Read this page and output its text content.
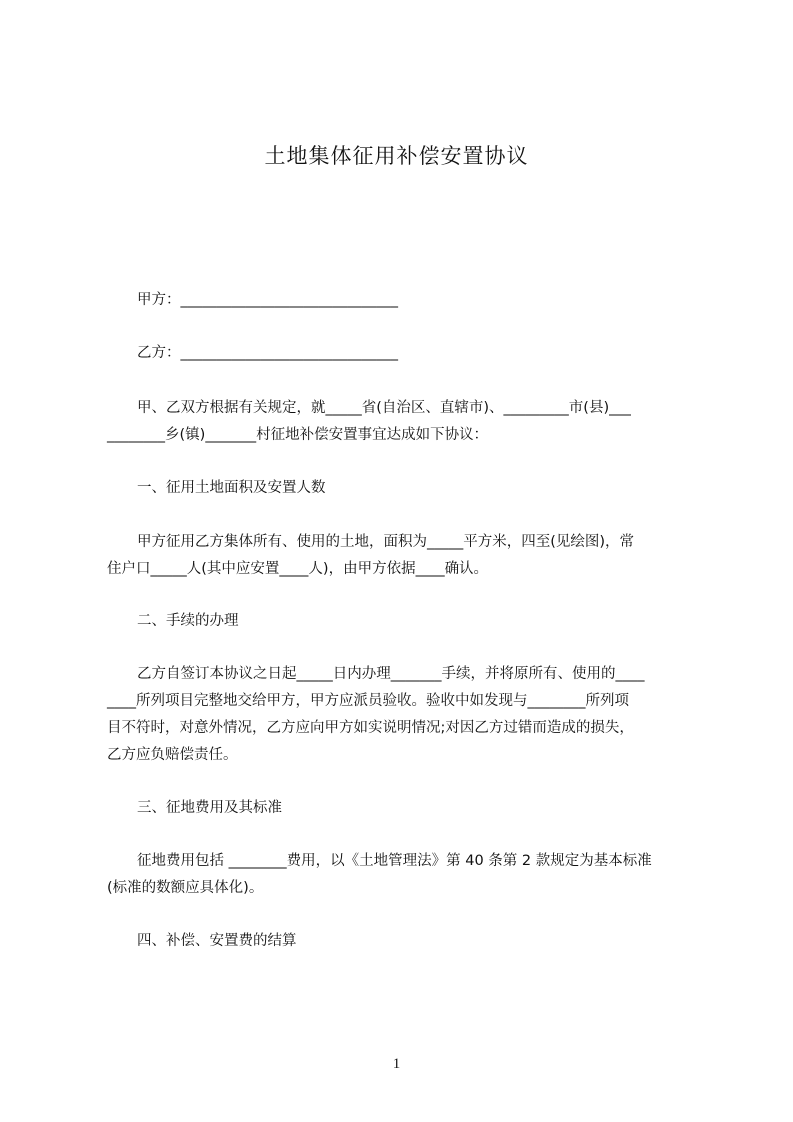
土地集体征用补偿安置协议
甲方：______________________________
乙方：______________________________
甲、乙双方根据有关规定，就_____省(自治区、直辖市)、_________市(县)___
________乡(镇)_______村征地补偿安置事宜达成如下协议：
一、征用土地面积及安置人数
甲方征用乙方集体所有、使用的土地，面积为_____平方米，四至(见绘图)，常
住户口_____人(其中应安置____人)，由甲方依据____确认。
二、手续的办理
乙方自签订本协议之日起_____日内办理_______手续，并将原所有、使用的____
____所列项目完整地交给甲方，甲方应派员验收。验收中如发现与________所列项
目不符时，对意外情况，乙方应向甲方如实说明情况;对因乙方过错而造成的损失，
乙方应负赔偿责任。
三、征地费用及其标准
征地费用包括 ________费用，以《土地管理法》第 40 条第 2 款规定为基本标准
(标准的数额应具体化)。
四、补偿、安置费的结算
1
